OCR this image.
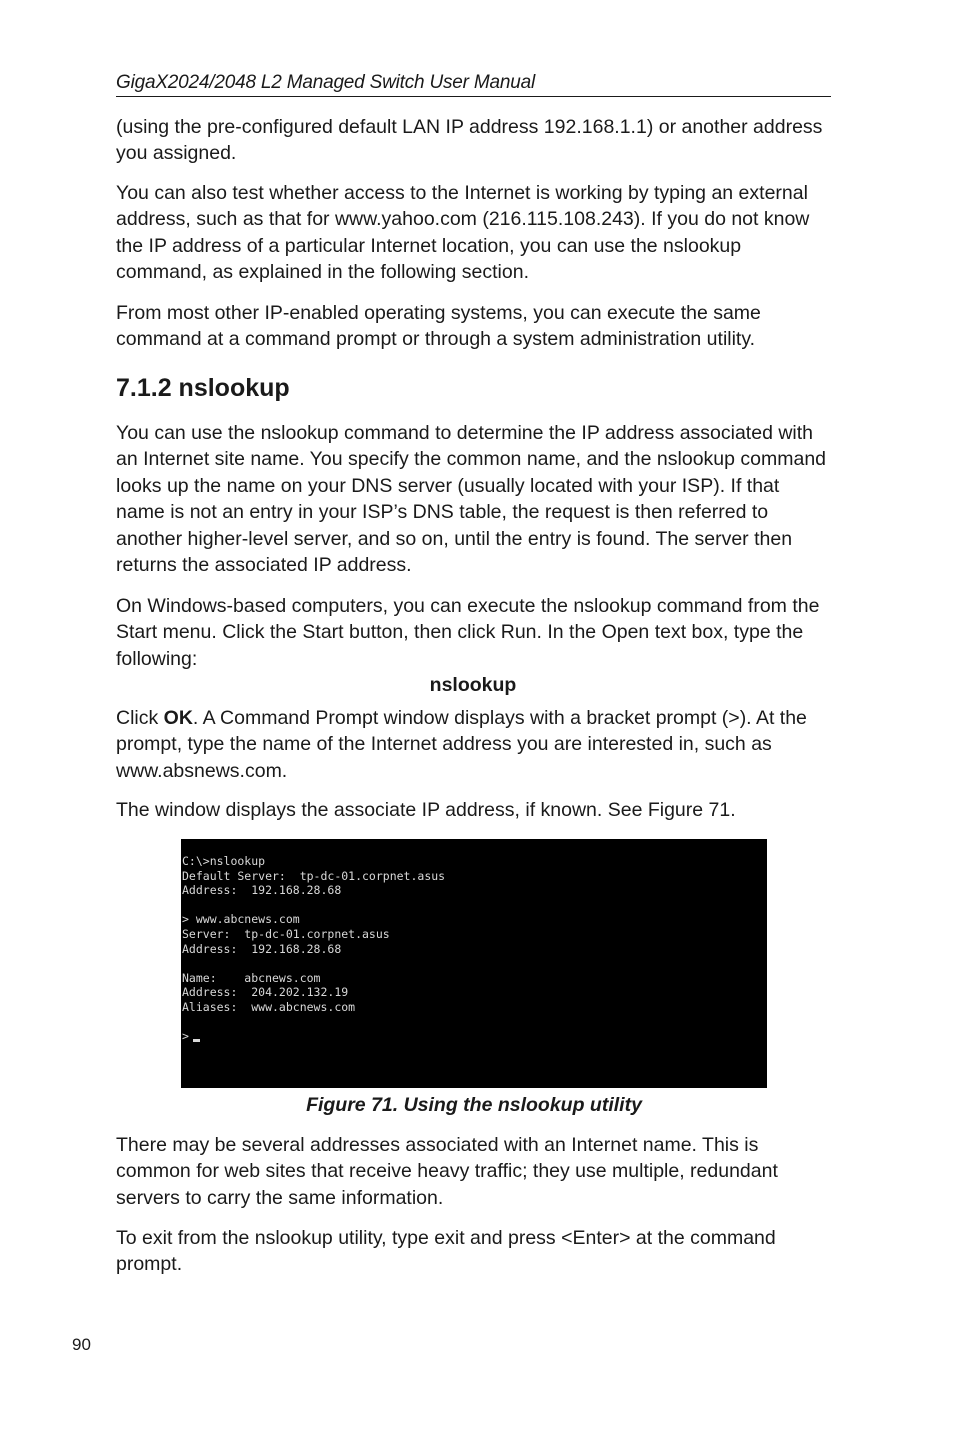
GigaX2024/2048 L2 Managed Switch User Manual

(using the pre-configured default LAN IP address 192.168.1.1) or another address you assigned.

You can also test whether access to the Internet is working by typing an external address, such as that for www.yahoo.com (216.115.108.243). If you do not know the IP address of a particular Internet location, you can use the nslookup command, as explained in the following section.

From most other IP-enabled operating systems, you can execute the same command at a command prompt or through a system administration utility.

7.1.2 nslookup

You can use the nslookup command to determine the IP address associated with an Internet site name. You specify the common name, and the nslookup command looks up the name on your DNS server (usually located with your ISP). If that name is not an entry in your ISP’s DNS table, the request is then referred to another higher-level server, and so on, until the entry is found. The server then returns the associated IP address.

On Windows-based computers, you can execute the nslookup command from the Start menu. Click the Start button, then click Run. In the Open text box, type the following:

nslookup

Click OK. A Command Prompt window displays with a bracket prompt (>). At the prompt, type the name of the Internet address you are interested in, such as www.absnews.com.

The window displays the associate IP address, if known. See Figure 71.

C:\>nslookup
Default Server:  tp-dc-01.corpnet.asus
Address:  192.168.28.68
> www.abcnews.com
Server:  tp-dc-01.corpnet.asus
Address:  192.168.28.68
Name:    abcnews.com
Address:  204.202.132.19
Aliases:  www.abcnews.com
>
Figure 71. Using the nslookup utility

There may be several addresses associated with an Internet name. This is common for web sites that receive heavy traffic; they use multiple, redundant servers to carry the same information.

To exit from the nslookup utility, type exit and press <Enter> at the command prompt.

90
